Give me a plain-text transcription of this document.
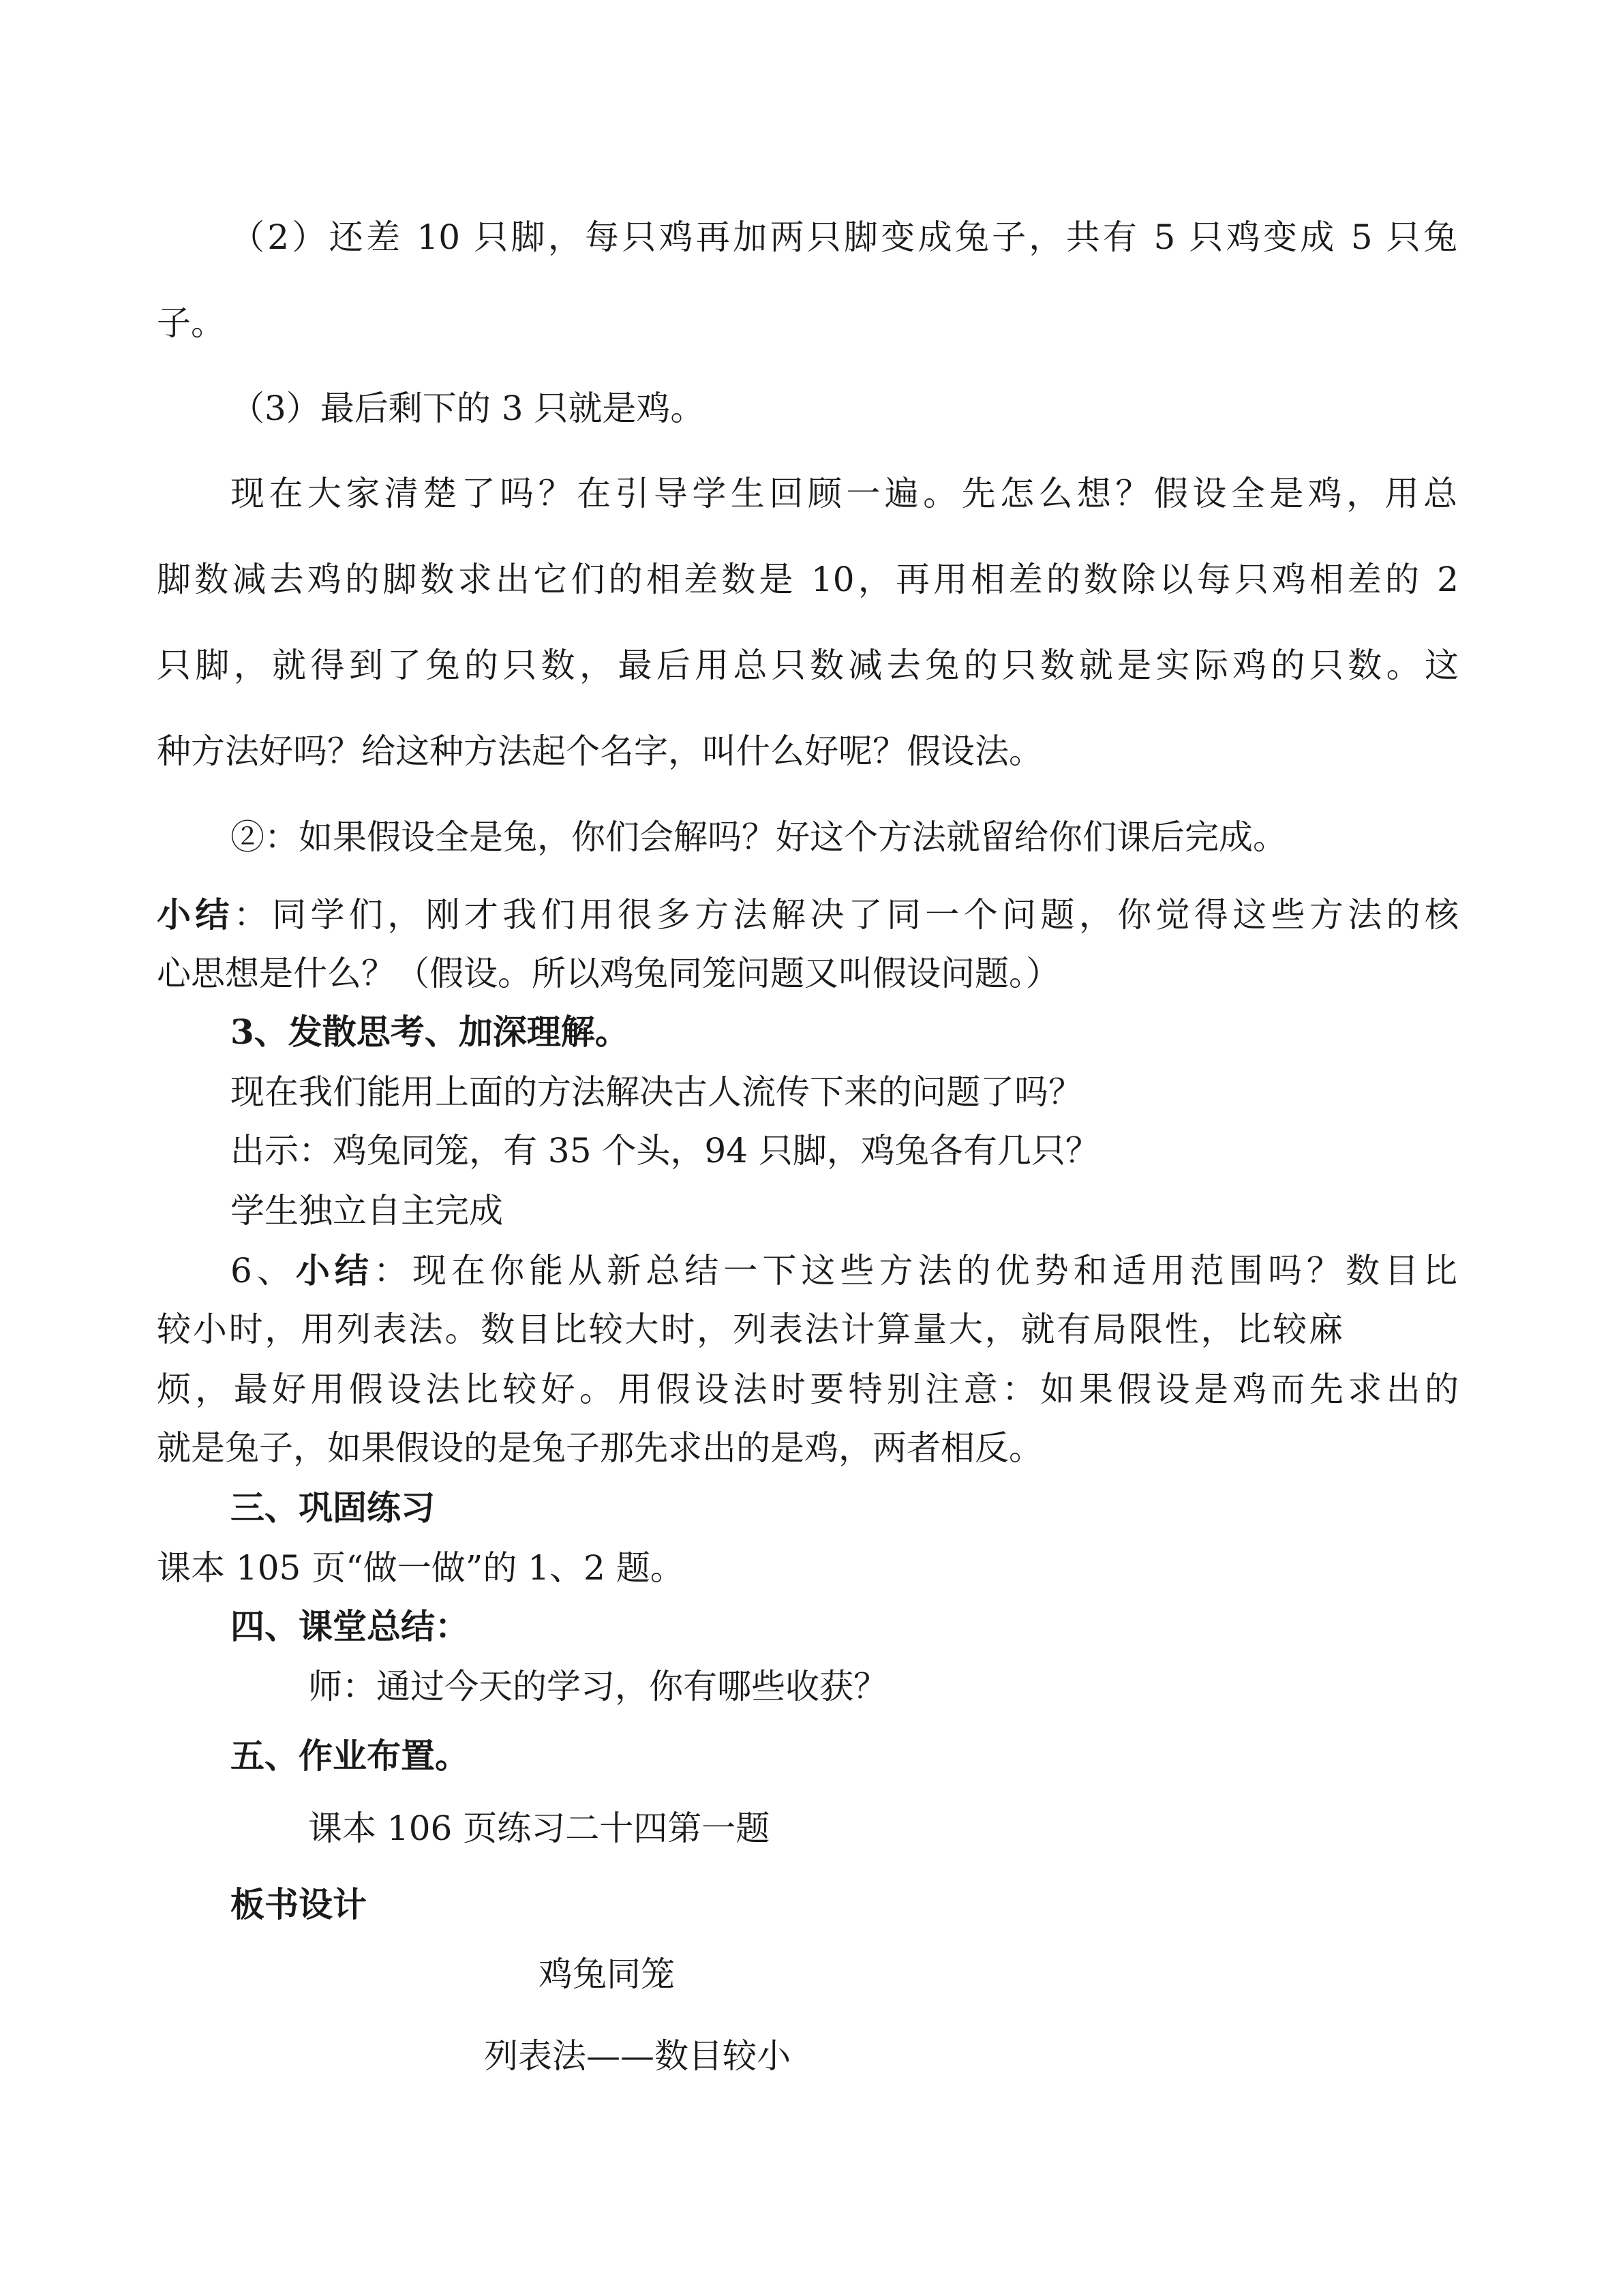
（2）还差 10 只脚，每只鸡再加两只脚变成兔子，共有 5 只鸡变成 5 只兔

子。

（3）最后剩下的 3 只就是鸡。

现在大家清楚了吗？在引导学生回顾一遍。先怎么想？假设全是鸡，用总

脚数减去鸡的脚数求出它们的相差数是 10，再用相差的数除以每只鸡相差的 2

只脚，就得到了兔的只数，最后用总只数减去兔的只数就是实际鸡的只数。这

种方法好吗？给这种方法起个名字，叫什么好呢？假设法。

②：如果假设全是兔，你们会解吗？好这个方法就留给你们课后完成。

小结：同学们，刚才我们用很多方法解决了同一个问题，你觉得这些方法的核

心思想是什么？（假设。所以鸡兔同笼问题又叫假设问题。）

3、发散思考、加深理解。

现在我们能用上面的方法解决古人流传下来的问题了吗？

出示：鸡兔同笼，有 35 个头，94 只脚，鸡兔各有几只？

学生独立自主完成

6、小结：现在你能从新总结一下这些方法的优势和适用范围吗？数目比

较小时，用列表法。数目比较大时，列表法计算量大，就有局限性，比较麻

烦，最好用假设法比较好。用假设法时要特别注意：如果假设是鸡而先求出的

就是兔子，如果假设的是兔子那先求出的是鸡，两者相反。

三、巩固练习

课本 105 页“做一做”的 1、2 题。

四、课堂总结：

师：通过今天的学习，你有哪些收获？

五、作业布置。

课本 106 页练习二十四第一题

板书设计

鸡兔同笼

列表法——数目较小
